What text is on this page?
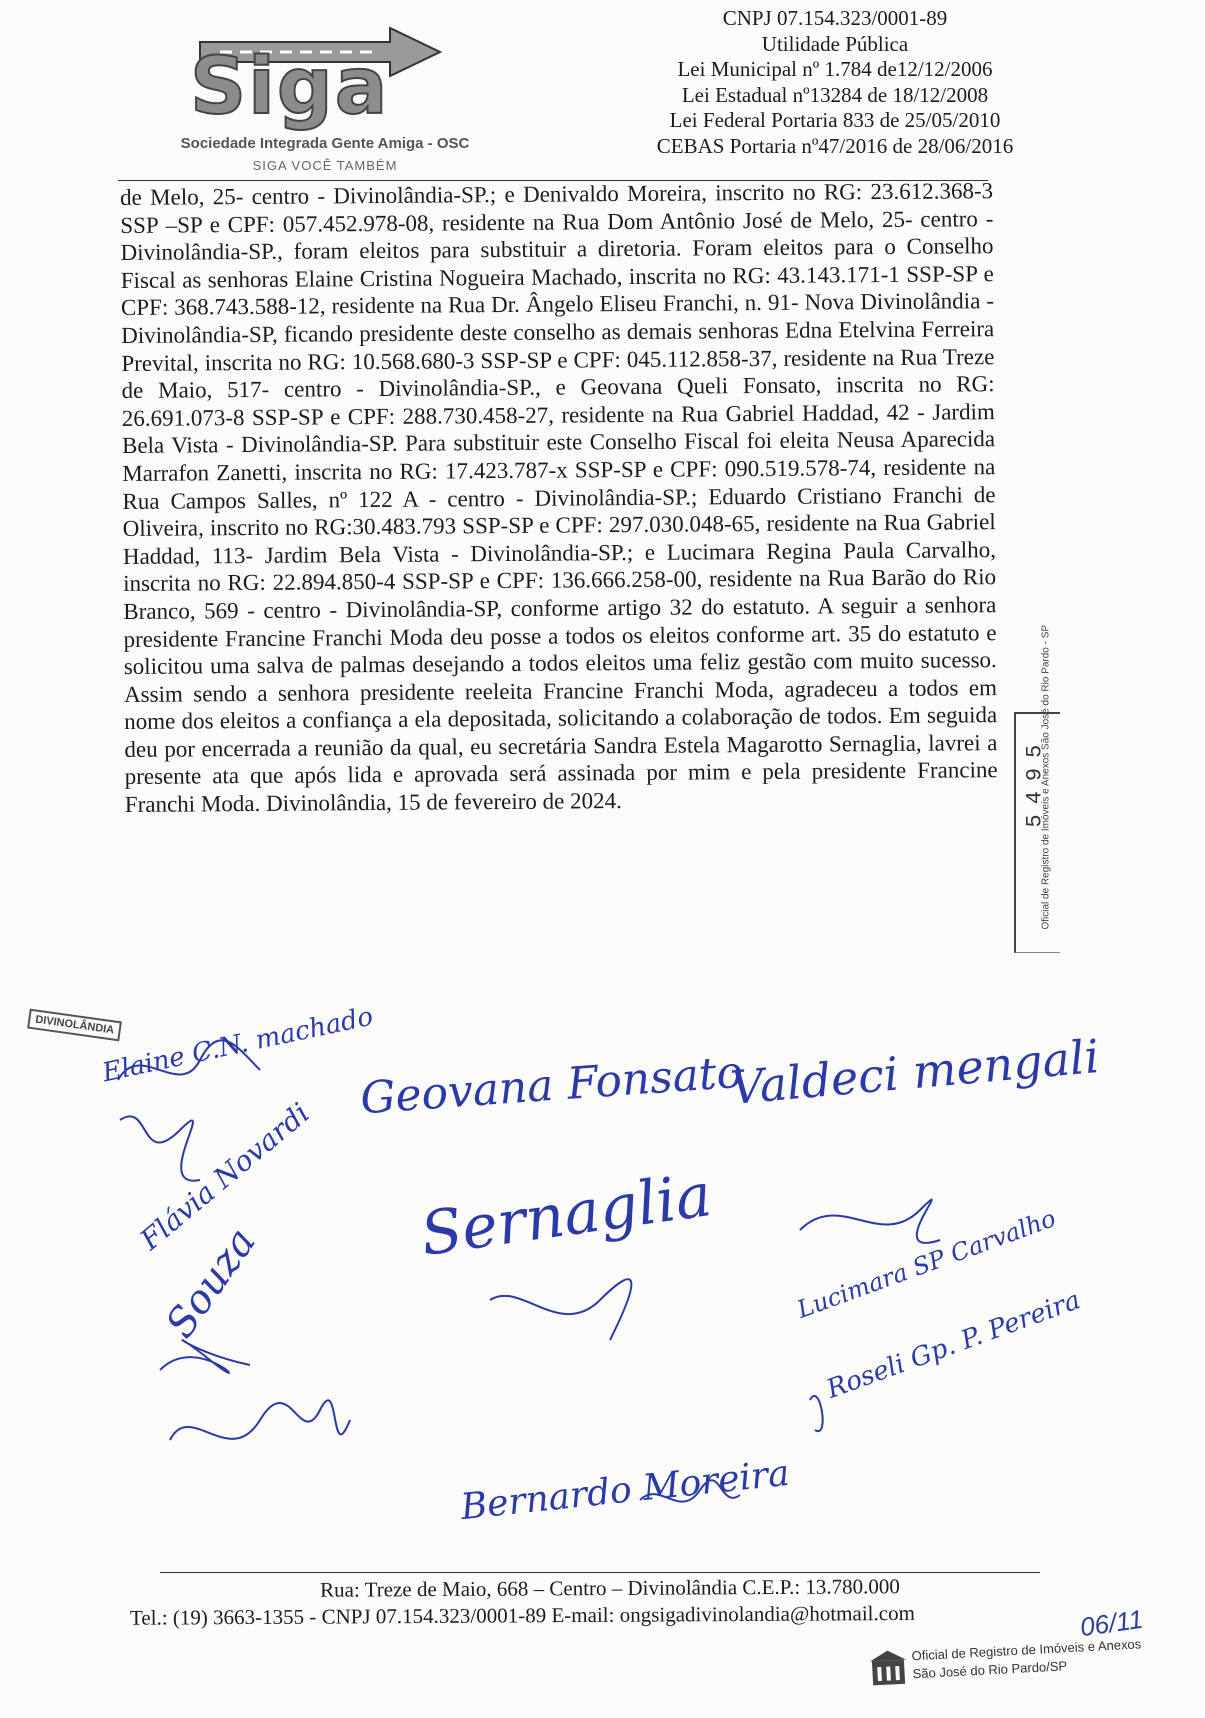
Siga
Sociedade Integrada Gente Amiga - OSC
SIGA VOCÊ TAMBÉM
CNPJ 07.154.323/0001-89
Utilidade Pública
Lei Municipal nº 1.784 de12/12/2006
Lei Estadual nº13284 de 18/12/2008
Lei Federal Portaria 833 de 25/05/2010
CEBAS Portaria nº47/2016 de 28/06/2016
de Melo, 25- centro - Divinolândia-SP.; e Denivaldo Moreira, inscrito no RG: 23.612.368-3 SSP –SP e CPF: 057.452.978-08, residente na Rua Dom Antônio José de Melo, 25- centro - Divinolândia-SP., foram eleitos para substituir a diretoria. Foram eleitos para o Conselho Fiscal as senhoras Elaine Cristina Nogueira Machado, inscrita no RG: 43.143.171-1 SSP-SP e CPF: 368.743.588-12, residente na Rua Dr. Ângelo Eliseu Franchi, n. 91- Nova Divinolândia - Divinolândia-SP, ficando presidente deste conselho as demais senhoras Edna Etelvina Ferreira Prevital, inscrita no RG: 10.568.680-3 SSP-SP e CPF: 045.112.858-37, residente na Rua Treze de Maio, 517- centro - Divinolândia-SP., e Geovana Queli Fonsato, inscrita no RG: 26.691.073-8 SSP-SP e CPF: 288.730.458-27, residente na Rua Gabriel Haddad, 42 - Jardim Bela Vista - Divinolândia-SP. Para substituir este Conselho Fiscal foi eleita Neusa Aparecida Marrafon Zanetti, inscrita no RG: 17.423.787-x SSP-SP e CPF: 090.519.578-74, residente na Rua Campos Salles, nº 122 A - centro - Divinolândia-SP.; Eduardo Cristiano Franchi de Oliveira, inscrito no RG:30.483.793 SSP-SP e CPF: 297.030.048-65, residente na Rua Gabriel Haddad, 113- Jardim Bela Vista - Divinolândia-SP.; e Lucimara Regina Paula Carvalho, inscrita no RG: 22.894.850-4 SSP-SP e CPF: 136.666.258-00, residente na Rua Barão do Rio Branco, 569 - centro - Divinolândia-SP, conforme artigo 32 do estatuto. A seguir a senhora presidente Francine Franchi Moda deu posse a todos os eleitos conforme art. 35 do estatuto e solicitou uma salva de palmas desejando a todos eleitos uma feliz gestão com muito sucesso. Assim sendo a senhora presidente reeleita Francine Franchi Moda, agradeceu a todos em nome dos eleitos a confiança a ela depositada, solicitando a colaboração de todos. Em seguida deu por encerrada a reunião da qual, eu secretária Sandra Estela Magarotto Sernaglia, lavrei a presente ata que após lida e aprovada será assinada por mim e pela presidente Francine Franchi Moda. Divinolândia, 15 de fevereiro de 2024.	Oficial de Registro de Imóveis e Anexos São José do Rio Pardo - SP
5495
DIVINOLÂNDIA
Elaine C.N. machado
Geovana Fonsato
Valdeci mengali
Flávia Novardi
Souza
Sernaglia	Lucimara SP Carvalho
Roseli Gp. P. Pereira
Bernardo Moreira
Rua: Treze de Maio, 668 – Centro – Divinolândia C.E.P.: 13.780.000
Tel.: (19) 3663-1355 - CNPJ 07.154.323/0001-89 E-mail: ongsigadivinolandia@hotmail.com	06/11
Oficial de Registro de Imóveis e Anexos
São José do Rio Pardo/SP
